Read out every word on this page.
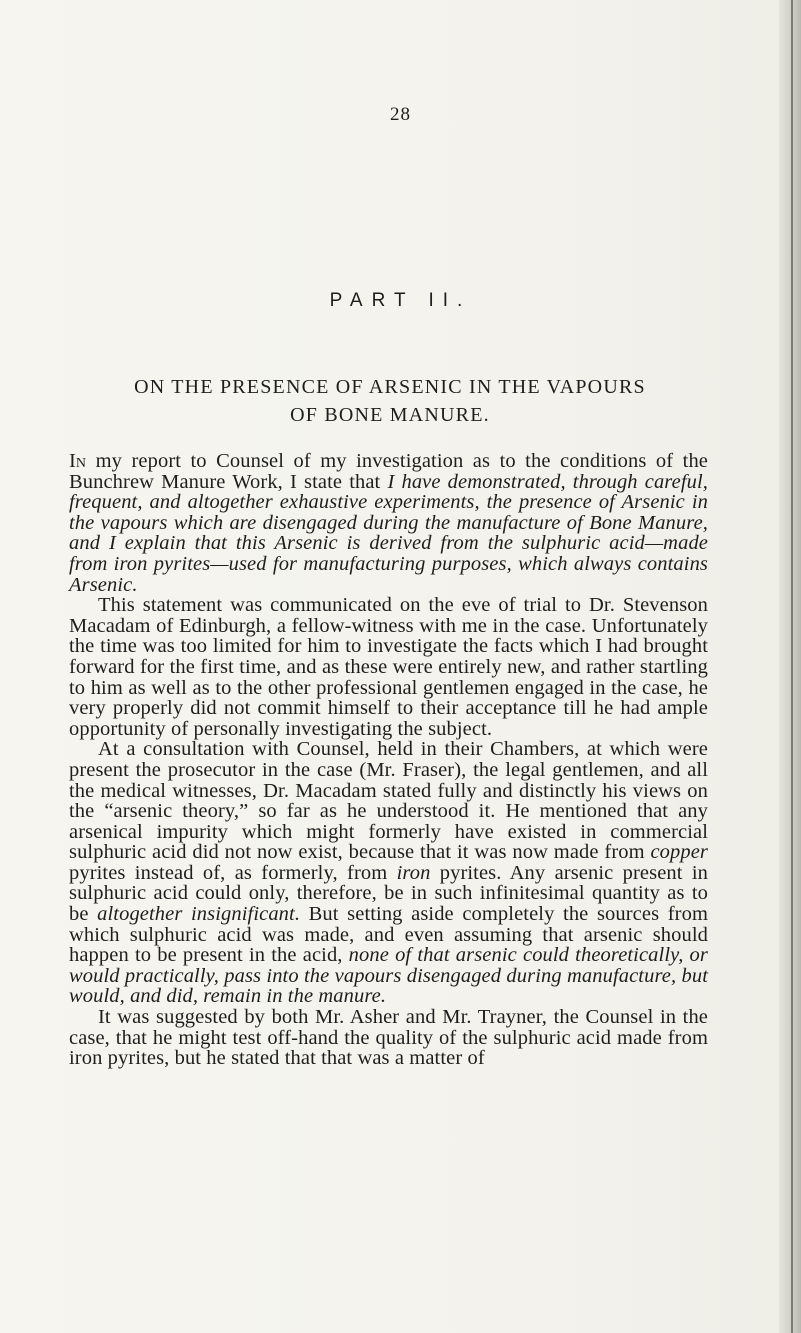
28
PART II.
ON THE PRESENCE OF ARSENIC IN THE VAPOURS
OF BONE MANURE.

In my report to Counsel of my investigation as to the conditions of the Bunchrew Manure Work, I state that I have demonstrated, through careful, frequent, and altogether exhaustive experiments, the presence of Arsenic in the vapours which are disengaged during the manufacture of Bone Manure, and I explain that this Arsenic is derived from the sulphuric acid—made from iron pyrites—used for manufacturing purposes, which always contains Arsenic.

This statement was communicated on the eve of trial to Dr. Stevenson Macadam of Edinburgh, a fellow-witness with me in the case. Unfortunately the time was too limited for him to investigate the facts which I had brought forward for the first time, and as these were entirely new, and rather startling to him as well as to the other professional gentlemen engaged in the case, he very properly did not commit himself to their acceptance till he had ample opportunity of personally investigating the subject.

At a consultation with Counsel, held in their Chambers, at which were present the prosecutor in the case (Mr. Fraser), the legal gentlemen, and all the medical witnesses, Dr. Macadam stated fully and distinctly his views on the “arsenic theory,” so far as he understood it. He mentioned that any arsenical impurity which might formerly have existed in commercial sulphuric acid did not now exist, because that it was now made from copper pyrites instead of, as formerly, from iron pyrites. Any arsenic present in sulphuric acid could only, therefore, be in such infinitesimal quantity as to be altogether insignificant. But setting aside completely the sources from which sulphuric acid was made, and even assuming that arsenic should happen to be present in the acid, none of that arsenic could theoretically, or would practically, pass into the vapours disengaged during manufacture, but would, and did, remain in the manure.

It was suggested by both Mr. Asher and Mr. Trayner, the Counsel in the case, that he might test off-hand the quality of the sulphuric acid made from iron pyrites, but he stated that that was a matter of
